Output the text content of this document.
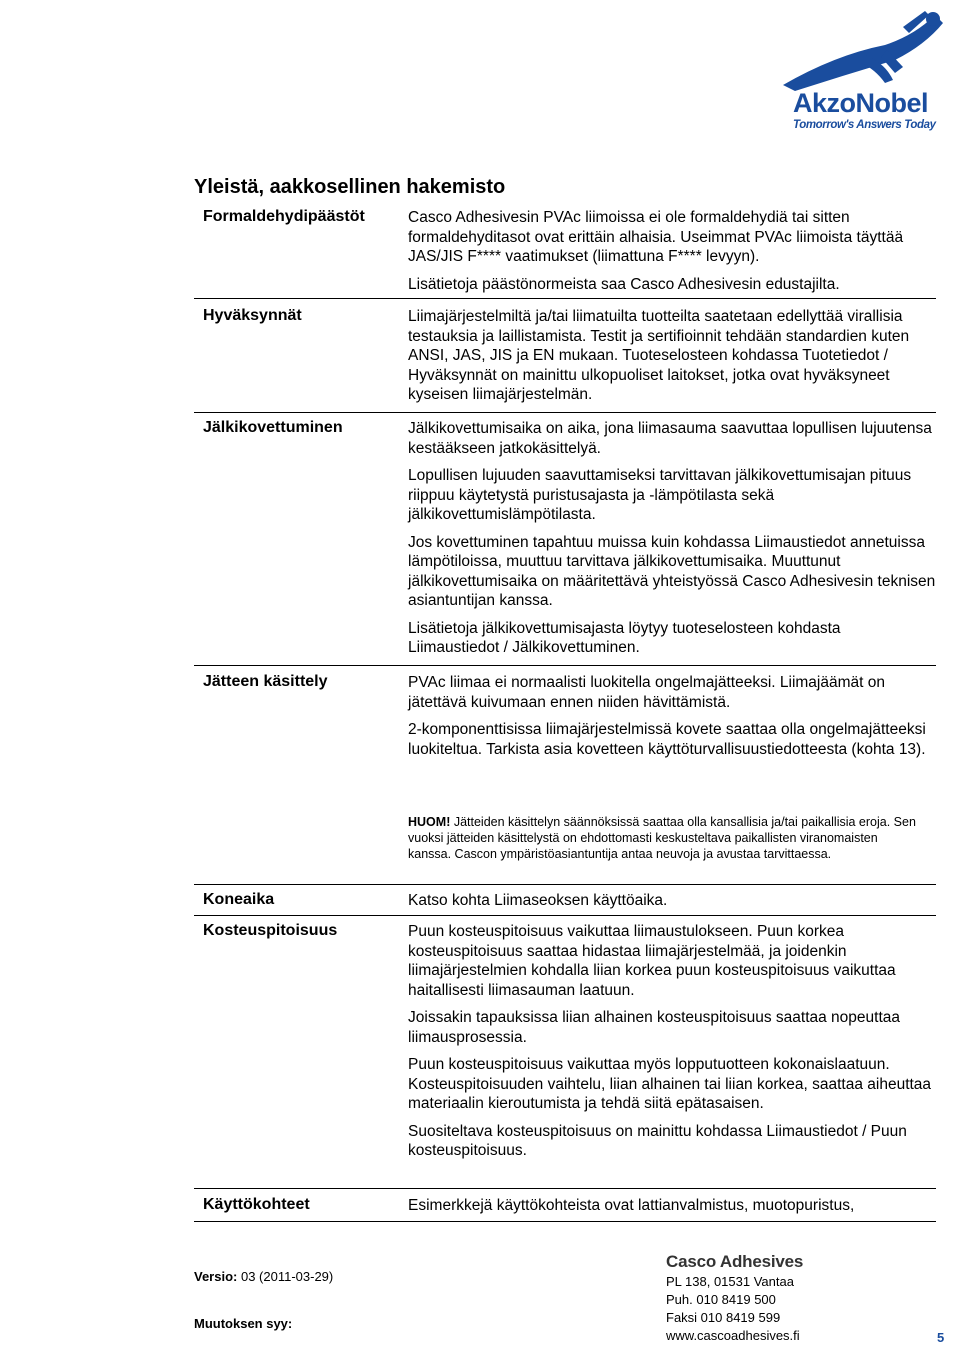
AkzoNobel
Tomorrow's Answers Today
Yleistä, aakkosellinen hakemisto
Formaldehydipäästöt	Casco Adhesivesin PVAc liimoissa ei ole formaldehydiä tai sitten formaldehyditasot ovat erittäin alhaisia. Useimmat PVAc liimoista täyttää JAS/JIS F**** vaatimukset (liimattuna F**** levyyn).

Lisätietoja päästönormeista saa Casco Adhesivesin edustajilta.

Hyväksynnät	Liimajärjestelmiltä ja/tai liimatuilta tuotteilta saatetaan edellyttää virallisia testauksia ja laillistamista. Testit ja sertifioinnit tehdään standardien kuten ANSI, JAS, JIS ja EN mukaan. Tuoteselosteen kohdassa Tuotetiedot / Hyväksynnät on mainittu ulkopuoliset laitokset, jotka ovat hyväksyneet kyseisen liimajärjestelmän.

Jälkikovettuminen	Jälkikovettumisaika on aika, jona liimasauma saavuttaa lopullisen lujuutensa kestääkseen jatkokäsittelyä.

Lopullisen lujuuden saavuttamiseksi tarvittavan jälkikovettumisajan pituus riippuu käytetystä puristusajasta ja -lämpötilasta sekä jälkikovettumislämpötilasta.

Jos kovettuminen tapahtuu muissa kuin kohdassa Liimaustiedot annetuissa lämpötiloissa, muuttuu tarvittava jälkikovettumisaika. Muuttunut jälkikovettumisaika on määritettävä yhteistyössä Casco Adhesivesin teknisen asiantuntijan kanssa.

Lisätietoja jälkikovettumisajasta löytyy tuoteselosteen kohdasta Liimaustiedot / Jälkikovettuminen.

Jätteen käsittely	PVAc liimaa ei normaalisti luokitella ongelmajätteeksi. Liimajäämät on jätettävä kuivumaan ennen niiden hävittämistä.

2-komponenttisissa liimajärjestelmissä kovete saattaa olla ongelmajätteeksi luokiteltua. Tarkista asia kovetteen käyttöturvallisuustiedotteesta (kohta 13).

HUOM! Jätteiden käsittelyn säännöksissä saattaa olla kansallisia ja/tai paikallisia eroja. Sen vuoksi jätteiden käsittelystä on ehdottomasti keskusteltava paikallisten viranomaisten kanssa. Cascon ympäristöasiantuntija antaa neuvoja ja avustaa tarvittaessa.
Koneaika	Katso kohta Liimaseoksen käyttöaika.

Kosteuspitoisuus	Puun kosteuspitoisuus vaikuttaa liimaustulokseen. Puun korkea kosteuspitoisuus saattaa hidastaa liimajärjestelmää, ja joidenkin liimajärjestelmien kohdalla liian korkea puun kosteuspitoisuus vaikuttaa haitallisesti liimasauman laatuun.

Joissakin tapauksissa liian alhainen kosteuspitoisuus saattaa nopeuttaa liimausprosessia.

Puun kosteuspitoisuus vaikuttaa myös lopputuotteen kokonaislaatuun. Kosteuspitoisuuden vaihtelu, liian alhainen tai liian korkea, saattaa aiheuttaa materiaalin kieroutumista ja tehdä siitä epätasaisen.

Suositeltava kosteuspitoisuus on mainittu kohdassa Liimaustiedot / Puun kosteuspitoisuus.

Käyttökohteet	Esimerkkejä käyttökohteista ovat lattianvalmistus, muotopuristus,

Versio: 03 (2011-03-29)
Muutoksen syy:
Casco Adhesives
PL 138, 01531 Vantaa
Puh. 010 8419 500
Faksi 010 8419 599
www.cascoadhesives.fi	5
